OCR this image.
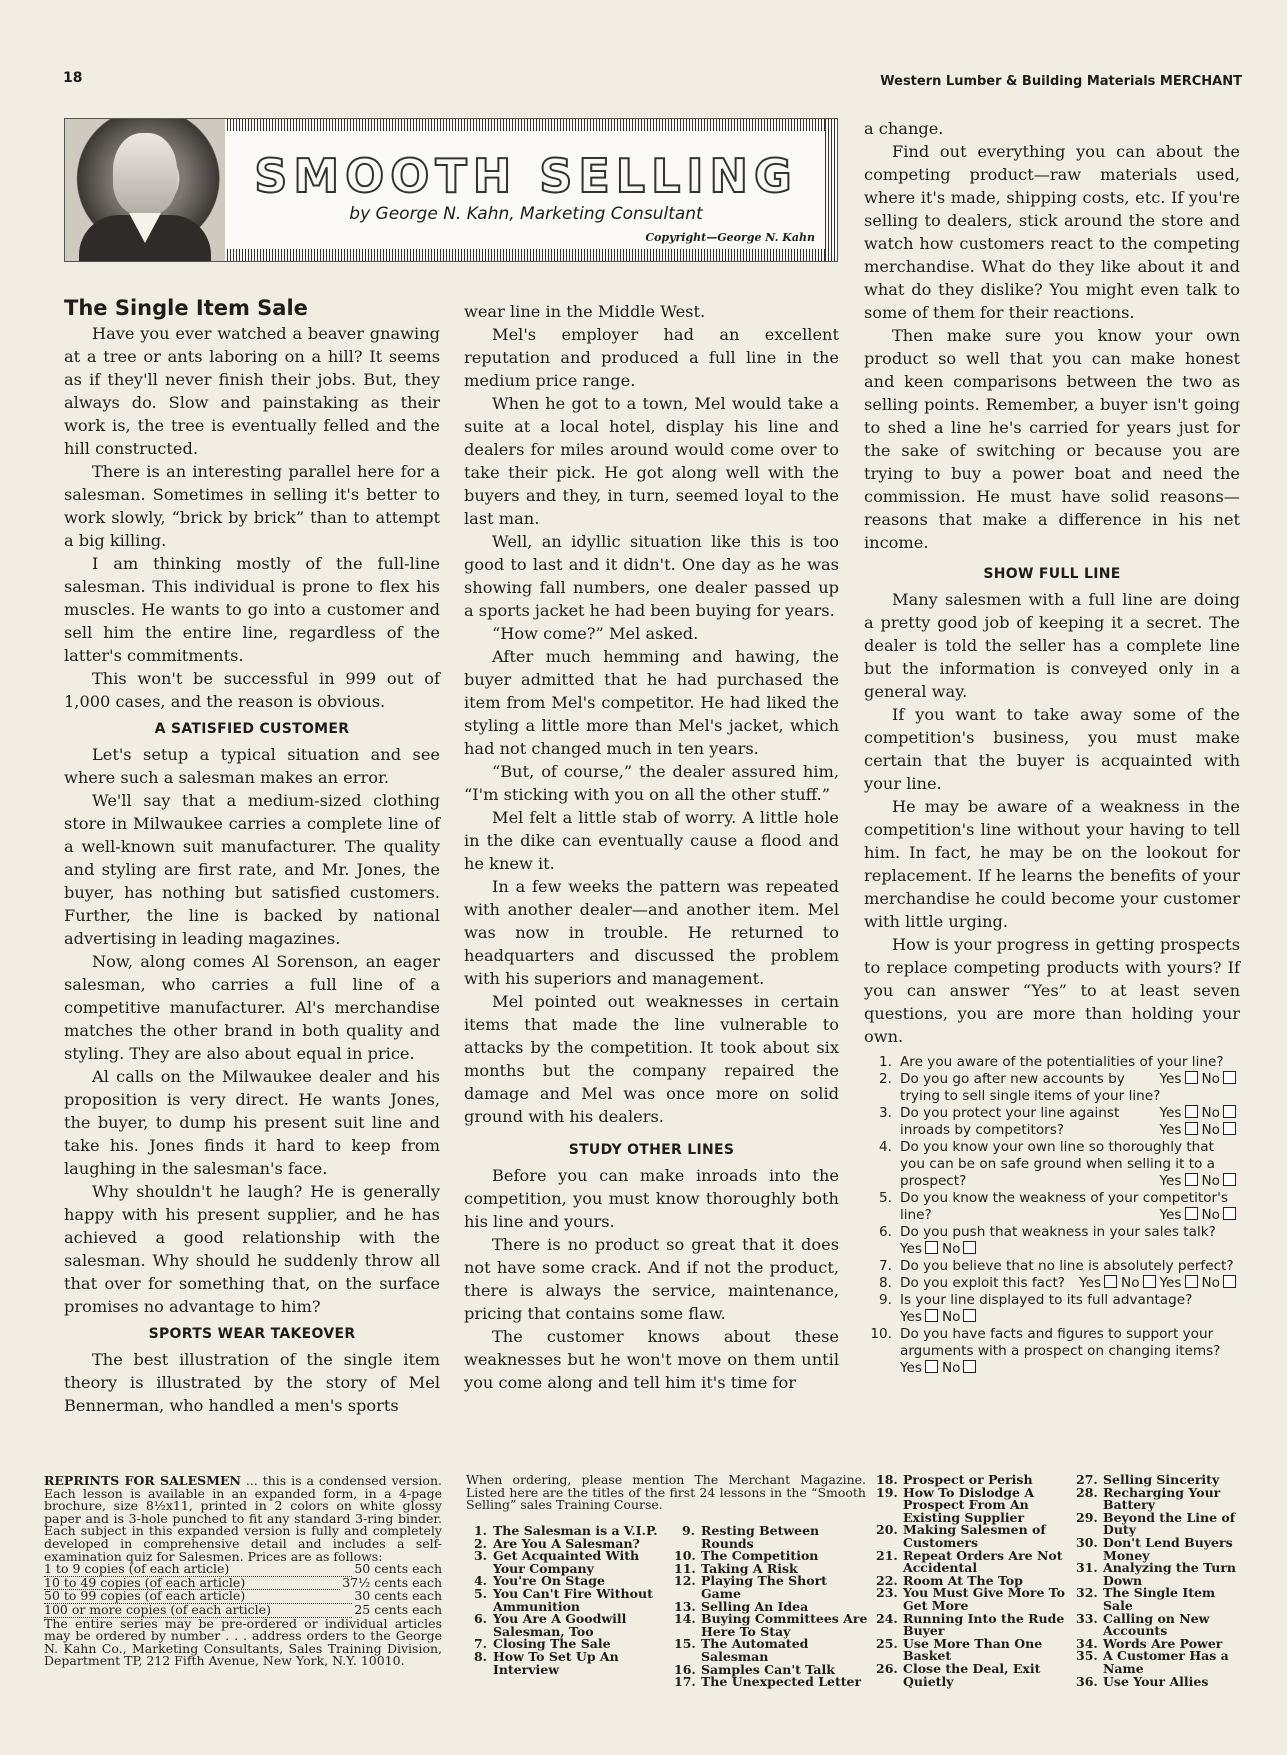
18	Western Lumber & Building Materials MERCHANT
SMOOTH SELLING
by George N. Kahn, Marketing Consultant
Copyright—George N. Kahn

The Single Item Sale

Have you ever watched a beaver gnawing at a tree or ants laboring on a hill? It seems as if they'll never finish their jobs. But, they always do. Slow and painstaking as their work is, the tree is eventually felled and the hill constructed.

There is an interesting parallel here for a salesman. Sometimes in selling it's better to work slowly, “brick by brick” than to attempt a big killing.

I am thinking mostly of the full-line salesman. This individual is prone to flex his muscles. He wants to go into a customer and sell him the entire line, regardless of the latter's commitments.

This won't be successful in 999 out of 1,000 cases, and the reason is obvious.

A SATISFIED CUSTOMER

Let's setup a typical situation and see where such a salesman makes an error.

We'll say that a medium-sized clothing store in Milwaukee carries a complete line of a well-known suit manufacturer. The quality and styling are first rate, and Mr. Jones, the buyer, has nothing but satisfied customers. Further, the line is backed by national advertising in leading magazines.

Now, along comes Al Sorenson, an eager salesman, who carries a full line of a competitive manufacturer. Al's merchandise matches the other brand in both quality and styling. They are also about equal in price.

Al calls on the Milwaukee dealer and his proposition is very direct. He wants Jones, the buyer, to dump his present suit line and take his. Jones finds it hard to keep from laughing in the salesman's face.

Why shouldn't he laugh? He is generally happy with his present supplier, and he has achieved a good relationship with the salesman. Why should he suddenly throw all that over for something that, on the surface promises no advantage to him?

SPORTS WEAR TAKEOVER

The best illustration of the single item theory is illustrated by the story of Mel Bennerman, who handled a men's sports

wear line in the Middle West.

Mel's employer had an excellent reputation and produced a full line in the medium price range.

When he got to a town, Mel would take a suite at a local hotel, display his line and dealers for miles around would come over to take their pick. He got along well with the buyers and they, in turn, seemed loyal to the last man.

Well, an idyllic situation like this is too good to last and it didn't. One day as he was showing fall numbers, one dealer passed up a sports jacket he had been buying for years.

“How come?” Mel asked.

After much hemming and hawing, the buyer admitted that he had purchased the item from Mel's competitor. He had liked the styling a little more than Mel's jacket, which had not changed much in ten years.

“But, of course,” the dealer assured him, “I'm sticking with you on all the other stuff.”

Mel felt a little stab of worry. A little hole in the dike can eventually cause a flood and he knew it.

In a few weeks the pattern was repeated with another dealer—and another item. Mel was now in trouble. He returned to headquarters and discussed the problem with his superiors and management.

Mel pointed out weaknesses in certain items that made the line vulnerable to attacks by the competition. It took about six months but the company repaired the damage and Mel was once more on solid ground with his dealers.

STUDY OTHER LINES

Before you can make inroads into the competition, you must know thoroughly both his line and yours.

There is no product so great that it does not have some crack. And if not the product, there is always the service, maintenance, pricing that contains some flaw.

The customer knows about these weaknesses but he won't move on them until you come along and tell him it's time for

a change.

Find out everything you can about the competing product—raw materials used, where it's made, shipping costs, etc. If you're selling to dealers, stick around the store and watch how customers react to the competing merchandise. What do they like about it and what do they dislike? You might even talk to some of them for their reactions.

Then make sure you know your own product so well that you can make honest and keen comparisons between the two as selling points. Remember, a buyer isn't going to shed a line he's carried for years just for the sake of switching or because you are trying to buy a power boat and need the commission. He must have solid reasons—reasons that make a difference in his net income.

SHOW FULL LINE

Many salesmen with a full line are doing a pretty good job of keeping it a secret. The dealer is told the seller has a complete line but the information is conveyed only in a general way.

If you want to take away some of the competition's business, you must make certain that the buyer is acquainted with your line.

He may be aware of a weakness in the competition's line without your having to tell him. In fact, he may be on the lookout for replacement. If he learns the benefits of your merchandise he could become your customer with little urging.

How is your progress in getting prospects to replace competing products with yours? If you can answer “Yes” to at least seven questions, you are more than holding your own.

1. Are you aware of the potentialities of your line?
Yes No
2. Do you go after new accounts by trying to sell single items of your line?
Yes No
3. Do you protect your line against inroads by competitors?	Yes No
4. Do you know your own line so thoroughly that you can be on safe ground when selling it to a prospect?	Yes No
5. Do you know the weakness of your competitor's line?	Yes No
6. Do you push that weakness in your sales talk?
Yes No
7. Do you believe that no line is absolutely perfect?
Yes No
8. Do you exploit this fact? Yes No
9. Is your line displayed to its full advantage?
Yes No
10. Do you have facts and figures to support your arguments with a prospect on changing items?
Yes No
REPRINTS FOR SALESMEN ... this is a condensed version. Each lesson is available in an expanded form, in a 4-page brochure, size 8½x11, printed in 2 colors on white glossy paper and is 3-hole punched to fit any standard 3-ring binder. Each subject in this expanded version is fully and completely developed in comprehensive detail and includes a self-examination quiz for Salesmen. Prices are as follows:
1 to 9 copies (of each article)	50 cents each
10 to 49 copies (of each article)	37½ cents each
50 to 99 copies (of each article)	30 cents each
100 or more copies (of each article)	25 cents each
The entire series may be pre-ordered or individual articles may be ordered by number . . . address orders to the George N. Kahn Co., Marketing Consultants, Sales Training Division, Department TP, 212 Fifth Avenue, New York, N.Y. 10010.
When ordering, please mention The Merchant Magazine. Listed here are the titles of the first 24 lessons in the “Smooth Selling” sales Training Course.
1. The Salesman is a V.I.P.
2. Are You A Salesman?
3. Get Acquainted With Your Company
4. You're On Stage
5. You Can't Fire Without Ammunition
6. You Are A Goodwill Salesman, Too
7. Closing The Sale
8. How To Set Up An Interview
9. Resting Between Rounds
10. The Competition
11. Taking A Risk
12. Playing The Short Game
13. Selling An Idea
14. Buying Committees Are Here To Stay
15. The Automated Salesman
16. Samples Can't Talk
17. The Unexpected Letter
18. Prospect or Perish
19. How To Dislodge A Prospect From An Existing Supplier
20. Making Salesmen of Customers
21. Repeat Orders Are Not Accidental
22. Room At The Top
23. You Must Give More To Get More
24. Running Into the Rude Buyer
25. Use More Than One Basket
26. Close the Deal, Exit Quietly
27. Selling Sincerity
28. Recharging Your Battery
29. Beyond the Line of Duty
30. Don't Lend Buyers Money
31. Analyzing the Turn Down
32. The Single Item Sale
33. Calling on New Accounts
34. Words Are Power
35. A Customer Has a Name
36. Use Your Allies
